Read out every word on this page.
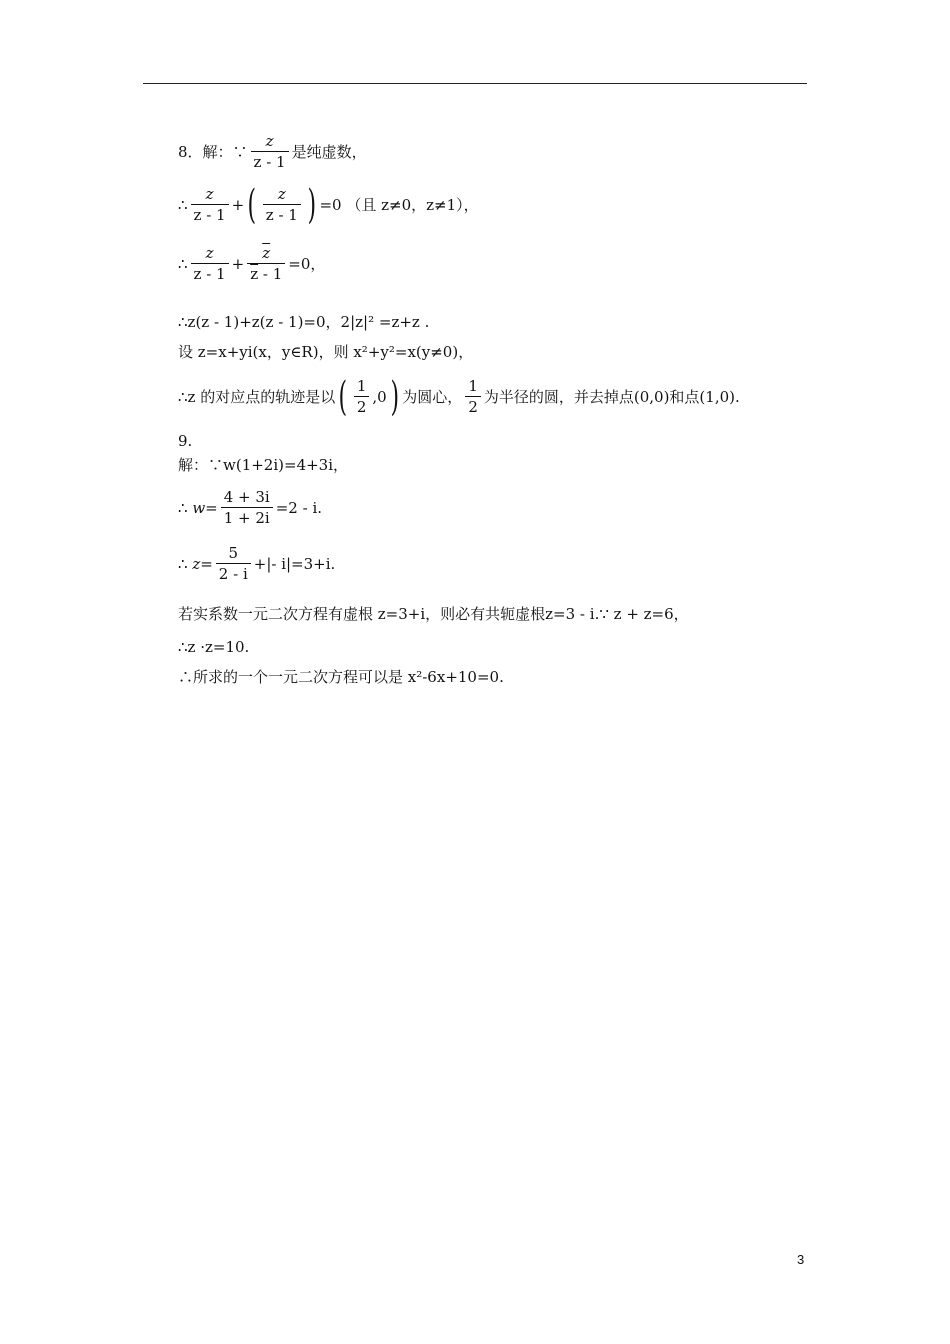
8．解：∵ $\frac{z}{z - 1}$ 是纯虚数，
∴ $\frac{z}{z - 1}$ + ( $\frac{z}{z - 1}$ ) =0 （且 z≠0，z≠1），
∴ $\frac{z}{z - 1} + \frac{\overline{z}}{\overline{z} - 1} =0$，
∴z(z - 1)+z(z - 1)=0，2|z|² =z+z .
设 z=x+yi(x，y∈R)，则 x²+y²=x(y≠0)，
∴z 的对应点的轨迹是以 ( $\frac{1}{2} ,0$ ) 为圆心， $\frac{1}{2}$ 为半径的圆，并去掉点(0,0)和点(1,0).
9.
解：∵w(1+2i)=4+3i，
∴ $w= \frac{4 + 3i}{1 + 2i} =2 - i$.
∴ $z= \frac{5}{2 - i}$ +|- i|=3+i.
若实系数一元二次方程有虚根 z=3+i，则必有共轭虚根z=3 - i.∵ z + z=6，
∴z ·z=10.
∴所求的一个一元二次方程可以是 x²-6x+10=0.
3
